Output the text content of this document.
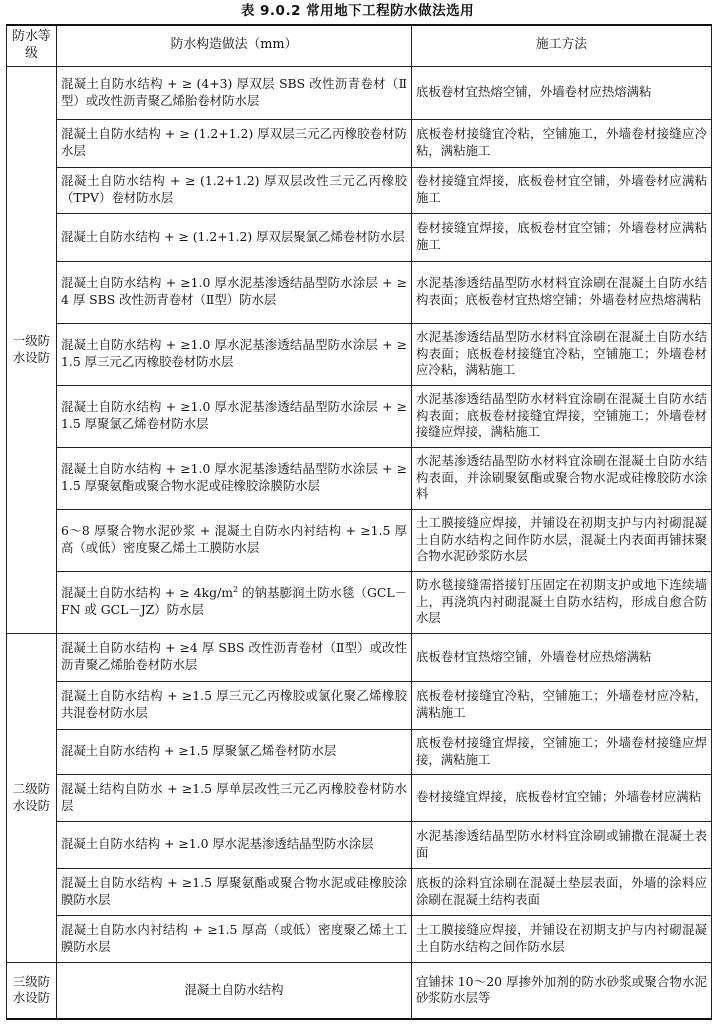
表 9.0.2 常用地下工程防水做法选用
防水等级	防水构造做法（mm）	施工方法
一级防水设防	混凝土自防水结构 + ≥ (4+3) 厚双层 SBS 改性沥青卷材（Ⅱ型）或改性沥青聚乙烯胎卷材防水层	底板卷材宜热熔空铺，外墙卷材应热熔满粘
	混凝土自防水结构 + ≥ (1.2+1.2) 厚双层三元乙丙橡胶卷材防水层	底板卷材接缝宜冷粘，空铺施工，外墙卷材接缝应冷粘，满粘施工
	混凝土自防水结构 + ≥ (1.2+1.2) 厚双层改性三元乙丙橡胶（TPV）卷材防水层	卷材接缝宜焊接，底板卷材宜空铺，外墙卷材应满粘施工
	混凝土自防水结构 + ≥ (1.2+1.2) 厚双层聚氯乙烯卷材防水层	卷材接缝宜焊接，底板卷材宜空铺；外墙卷材应满粘施工
	混凝土自防水结构 + ≥1.0 厚水泥基渗透结晶型防水涂层 + ≥4 厚 SBS 改性沥青卷材（Ⅱ型）防水层	水泥基渗透结晶型防水材料宜涂刷在混凝土自防水结构表面；底板卷材宜热熔空铺；外墙卷材应热熔满粘
	混凝土自防水结构 + ≥1.0 厚水泥基渗透结晶型防水涂层 + ≥1.5 厚三元乙丙橡胶卷材防水层	水泥基渗透结晶型防水材料宜涂刷在混凝土自防水结构表面；底板卷材接缝宜冷粘，空铺施工；外墙卷材应冷粘，满粘施工
	混凝土自防水结构 + ≥1.0 厚水泥基渗透结晶型防水涂层 + ≥1.5 厚聚氯乙烯卷材防水层	水泥基渗透结晶型防水材料宜涂刷在混凝土自防水结构表面；底板卷材接缝宜焊接，空铺施工；外墙卷材接缝应焊接，满粘施工
	混凝土自防水结构 + ≥1.0 厚水泥基渗透结晶型防水涂层 + ≥1.5 厚聚氨酯或聚合物水泥或硅橡胶涂膜防水层	水泥基渗透结晶型防水材料宜涂刷在混凝土自防水结构表面，并涂刷聚氨酯或聚合物水泥或硅橡胶防水涂料
	6～8 厚聚合物水泥砂浆 + 混凝土自防水内衬结构 + ≥1.5 厚高（或低）密度聚乙烯土工膜防水层	土工膜接缝应焊接，并铺设在初期支护与内衬砌混凝土自防水结构之间作防水层，混凝土内表面再铺抹聚合物水泥砂浆防水层
	混凝土自防水结构 + ≥ $4kg/m^2$ 的钠基膨润土防水毯（GCL－FN 或 GCL－JZ）防水层	防水毯接缝需搭接钉压固定在初期支护或地下连续墙上，再浇筑内衬砌混凝土自防水结构，形成自愈合防水层
二级防水设防	混凝土自防水结构 + ≥4 厚 SBS 改性沥青卷材（Ⅱ型）或改性沥青聚乙烯胎卷材防水层	底板卷材宜热熔空铺，外墙卷材应热熔满粘
	混凝土自防水结构 + ≥1.5 厚三元乙丙橡胶或氯化聚乙烯橡胶共混卷材防水层	底板卷材接缝宜冷粘，空铺施工；外墙卷材应冷粘，满粘施工
	混凝土自防水结构 + ≥1.5 厚聚氯乙烯卷材防水层	底板卷材接缝宜焊接，空铺施工；外墙卷材接缝应焊接，满粘施工
	混凝土结构自防水 + ≥1.5 厚单层改性三元乙丙橡胶卷材防水层	卷材接缝宜焊接，底板卷材宜空铺；外墙卷材应满粘
	混凝土自防水结构 + ≥1.0 厚水泥基渗透结晶型防水涂层	水泥基渗透结晶型防水材料宜涂刷或铺撒在混凝土表面
	混凝土自防水结构 + ≥1.5 厚聚氨酯或聚合物水泥或硅橡胶涂膜防水层	底板的涂料宜涂刷在混凝土垫层表面，外墙的涂料应涂刷在混凝土结构表面
	混凝土自防水内衬结构 + ≥1.5 厚高（或低）密度聚乙烯土工膜防水层	土工膜接缝应焊接，并铺设在初期支护与内衬砌混凝土自防水结构之间作防水层
三级防水设防	混凝土自防水结构	宜铺抹 10～20 厚掺外加剂的防水砂浆或聚合物水泥砂浆防水层等
